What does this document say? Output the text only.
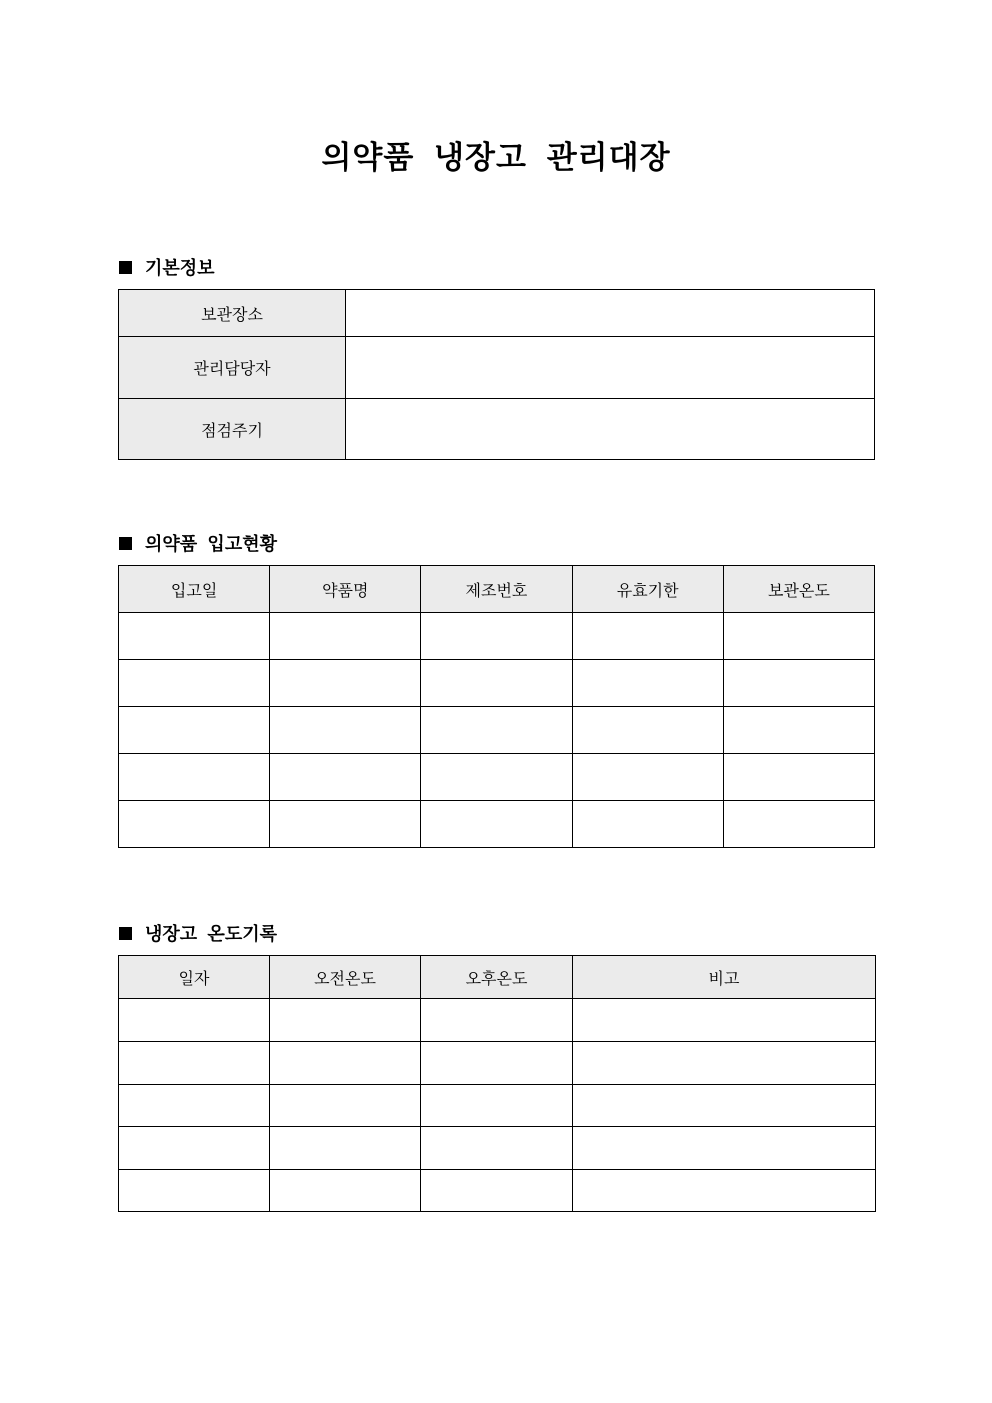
의약품 냉장고 관리대장
기본정보
보관장소	
관리담당자	
점검주기	
의약품 입고현황
입고일	약품명	제조번호	유효기한	보관온도

냉장고 온도기록
일자	오전온도	오후온도	비고
